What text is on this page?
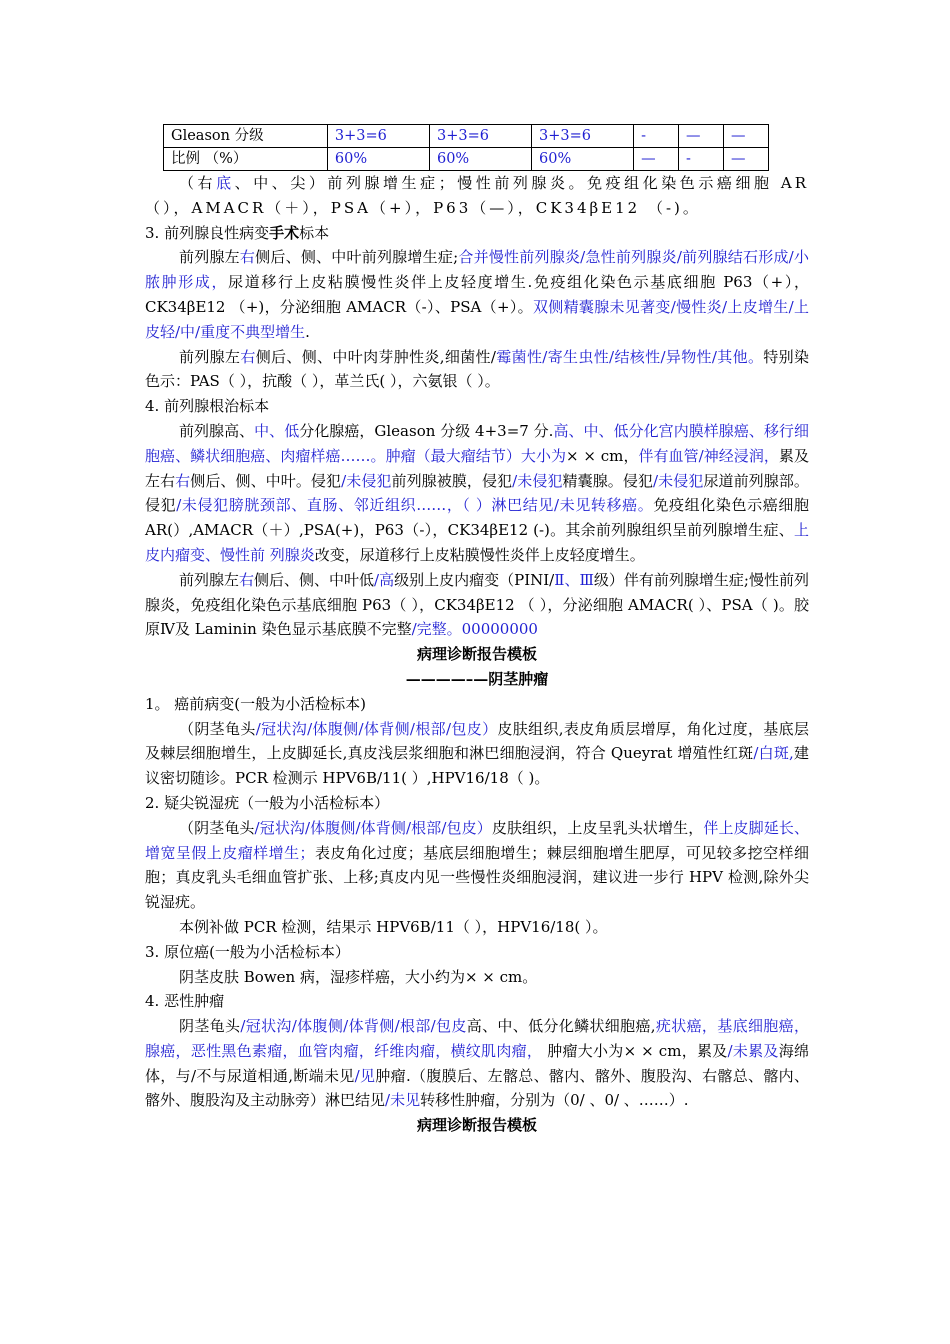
Gleason 分级	3+3=6	3+3=6	3+3=6	-	—	—
比例 （%）	60%	60%	60%	—	-	—

（右底、中、尖）前列腺增生症；慢性前列腺炎。免疫组化染色示癌细胞 AR（），AMACR（＋），PSA（+），P63（—），CK34βE12 （-)。

3. 前列腺良性病变手术标本

前列腺左右侧后、侧、中叶前列腺增生症;合并慢性前列腺炎/急性前列腺炎/前列腺结石形成/小脓肿形成，尿道移行上皮粘膜慢性炎伴上皮轻度增生.免疫组化染色示基底细胞 P63（+），CK34βE12 （+)，分泌细胞 AMACR（-）、PSA（+）。双侧精囊腺未见著变/慢性炎/上皮增生/上皮轻/中/重度不典型增生.

前列腺左右侧后、侧、中叶肉芽肿性炎,细菌性/霉菌性/寄生虫性/结核性/异物性/其他。特别染色示：PAS（ ），抗酸（ ），革兰氏( ），六氨银（ ）。

4. 前列腺根治标本

前列腺高、中、低分化腺癌，Gleason 分级 4+3=7 分.高、中、低分化宫内膜样腺癌、移行细胞癌、鳞状细胞癌、肉瘤样癌……。肿瘤（最大瘤结节）大小为× × cm，伴有血管/神经浸润，累及左右右侧后、侧、中叶。侵犯/未侵犯前列腺被膜，侵犯/未侵犯精囊腺。侵犯/未侵犯尿道前列腺部。侵犯/未侵犯膀胱颈部、直肠、邻近组织……，（ ）淋巴结见/未见转移癌。免疫组化染色示癌细胞 AR(）,AMACR（＋）,PSA(+)，P63（-），CK34βE12 (-)。其余前列腺组织呈前列腺增生症、上皮内瘤变、慢性前 列腺炎改变，尿道移行上皮粘膜慢性炎伴上皮轻度增生。

前列腺左右侧后、侧、中叶低/高级别上皮内瘤变（PINⅠ/Ⅱ、Ⅲ级）伴有前列腺增生症;慢性前列腺炎，免疫组化染色示基底细胞 P63（ ），CK34βE12 （ ），分泌细胞 AMACR( ）、PSA（ )。胶原Ⅳ及 Laminin 染色显示基底膜不完整/完整。00000000

病理诊断报告模板

————–—阴茎肿瘤

1。 癌前病变(一般为小活检标本)

（阴茎龟头/冠状沟/体腹侧/体背侧/根部/包皮）皮肤组织,表皮角质层增厚，角化过度，基底层及棘层细胞增生，上皮脚延长,真皮浅层浆细胞和淋巴细胞浸润，符合 Queyrat 增殖性红斑/白斑,建议密切随诊。PCR 检测示 HPV6B/11( ）,HPV16/18（ )。

2. 疑尖锐湿疣（一般为小活检标本）

（阴茎龟头/冠状沟/体腹侧/体背侧/根部/包皮）皮肤组织，上皮呈乳头状增生，伴上皮脚延长、增宽呈假上皮瘤样增生；表皮角化过度；基底层细胞增生；棘层细胞增生肥厚，可见较多挖空样细胞；真皮乳头毛细血管扩张、上移;真皮内见一些慢性炎细胞浸润，建议进一步行 HPV 检测,除外尖锐湿疣。

本例补做 PCR 检测，结果示 HPV6B/11（ ），HPV16/18( ）。

3. 原位癌(一般为小活检标本）

阴茎皮肤 Bowen 病，湿疹样癌，大小约为× × cm。

4. 恶性肿瘤

阴茎龟头/冠状沟/体腹侧/体背侧/根部/包皮高、中、低分化鳞状细胞癌,疣状癌，基底细胞癌，腺癌，恶性黑色素瘤，血管肉瘤，纤维肉瘤，横纹肌肉瘤， 肿瘤大小为× × cm，累及/未累及海绵体，与/不与尿道相通,断端未见/见肿瘤.（腹膜后、左髂总、髂内、髂外、腹股沟、右髂总、髂内、髂外、腹股沟及主动脉旁）淋巴结见/未见转移性肿瘤，分别为（0/ 、0/ 、……）.

病理诊断报告模板
